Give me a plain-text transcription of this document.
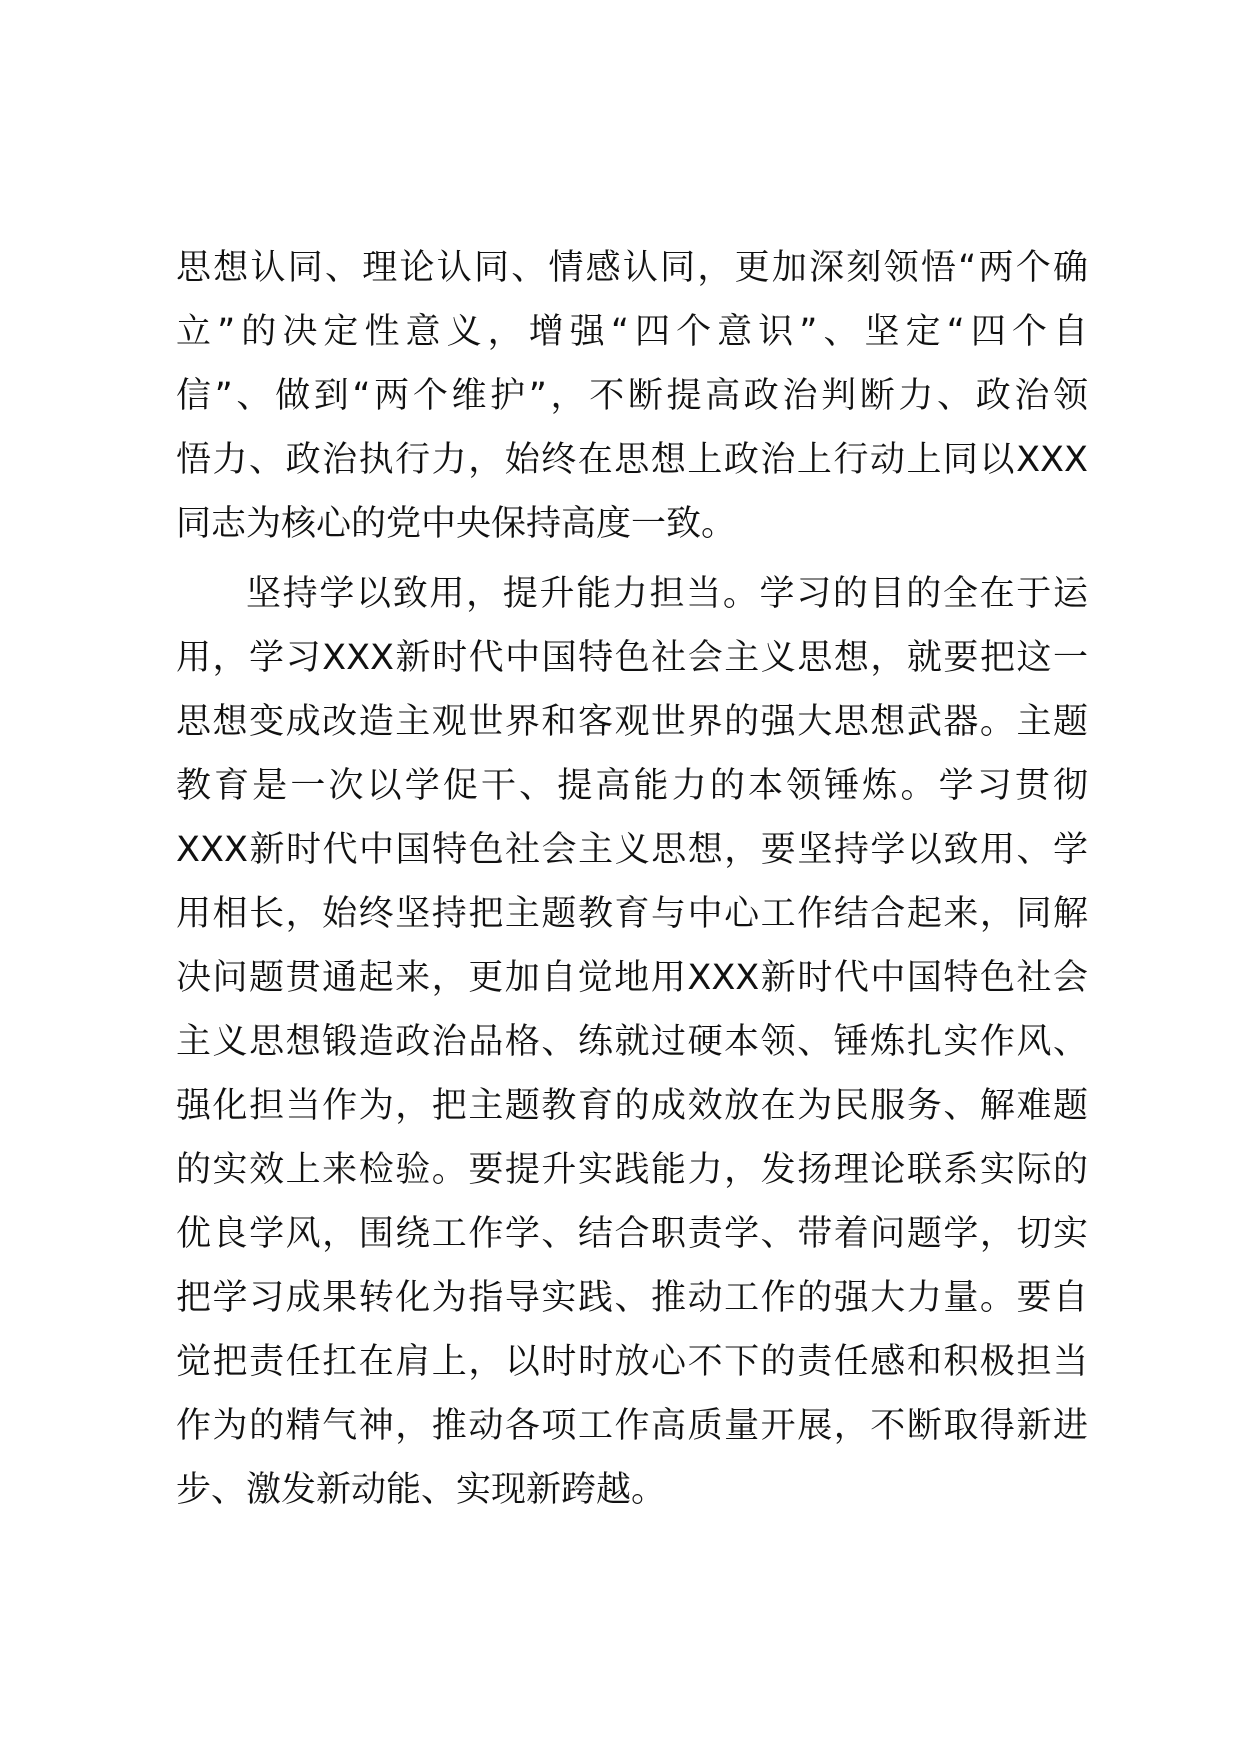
思想认同、理论认同、情感认同，更加深刻领悟“两个确
立”的决定性意义，增强“四个意识”、坚定“四个自
信”、做到“两个维护”，不断提高政治判断力、政治领
悟力、政治执行力，始终在思想上政治上行动上同以XXX
同志为核心的党中央保持高度一致。
坚持学以致用，提升能力担当。学习的目的全在于运
用，学习XXX新时代中国特色社会主义思想，就要把这一
思想变成改造主观世界和客观世界的强大思想武器。主题
教育是一次以学促干、提高能力的本领锤炼。学习贯彻
XXX新时代中国特色社会主义思想，要坚持学以致用、学
用相长，始终坚持把主题教育与中心工作结合起来，同解
决问题贯通起来，更加自觉地用XXX新时代中国特色社会
主义思想锻造政治品格、练就过硬本领、锤炼扎实作风、
强化担当作为，把主题教育的成效放在为民服务、解难题
的实效上来检验。要提升实践能力，发扬理论联系实际的
优良学风，围绕工作学、结合职责学、带着问题学，切实
把学习成果转化为指导实践、推动工作的强大力量。要自
觉把责任扛在肩上，以时时放心不下的责任感和积极担当
作为的精气神，推动各项工作高质量开展，不断取得新进
步、激发新动能、实现新跨越。
